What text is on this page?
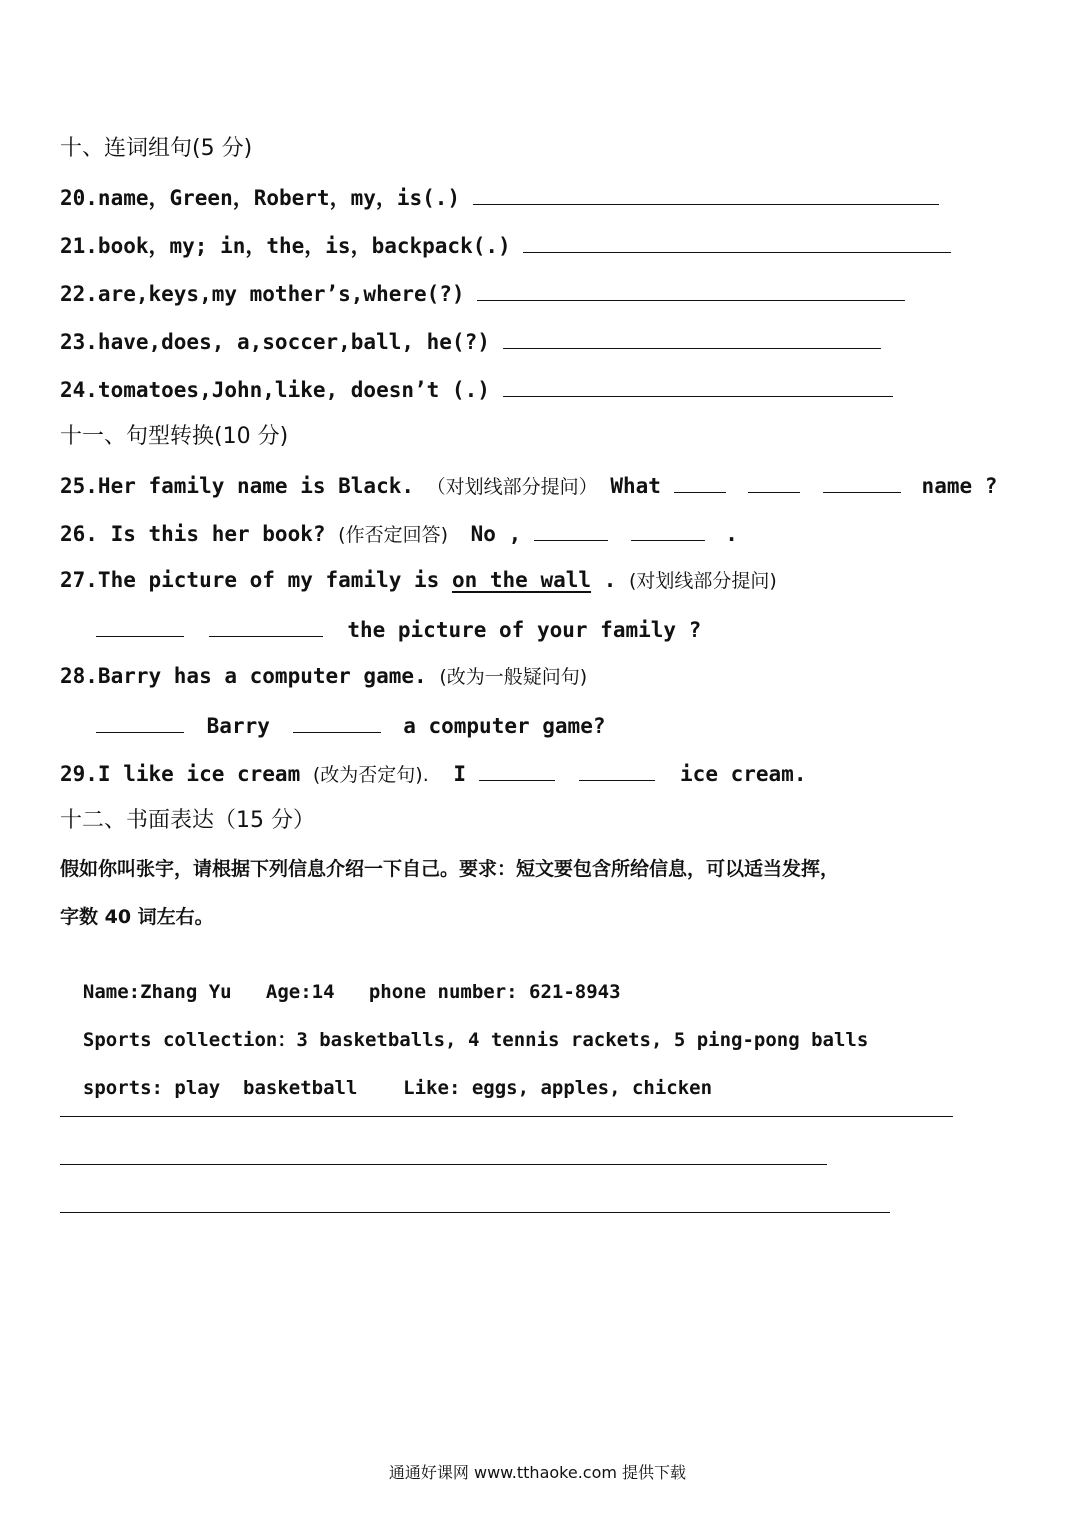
十、连词组句(5 分)
20.name，Green，Robert，my，is(.)
21.book，my; in，the，is，backpack(.)
22.are,keys,my mother’s,where(?)
23.have,does, a,soccer,ball, he(?)
24.tomatoes,John,like, doesn’t (.)
十一、句型转换(10 分)
25.Her family name is Black. （对划线部分提问） What	name ?
26. Is this her book? (作否定回答) No ,	.
27.The picture of my family is on the wall . (对划线部分提问)
the picture of your family ?
28.Barry has a computer game. (改为一般疑问句)
Barry	a computer game?
29.I like ice cream (改为否定句). I	ice cream.
十二、书面表达（15 分）
假如你叫张宇，请根据下列信息介绍一下自己。要求：短文要包含所给信息，可以适当发挥，
字数 40 词左右。

Name:Zhang Yu   Age:14   phone number: 621-8943

Sports collection：3 basketballs, 4 tennis rackets, 5 ping-pong balls

sports: play  basketball    Like: eggs, apples, chicken

通通好课网 www.tthaoke.com 提供下载
